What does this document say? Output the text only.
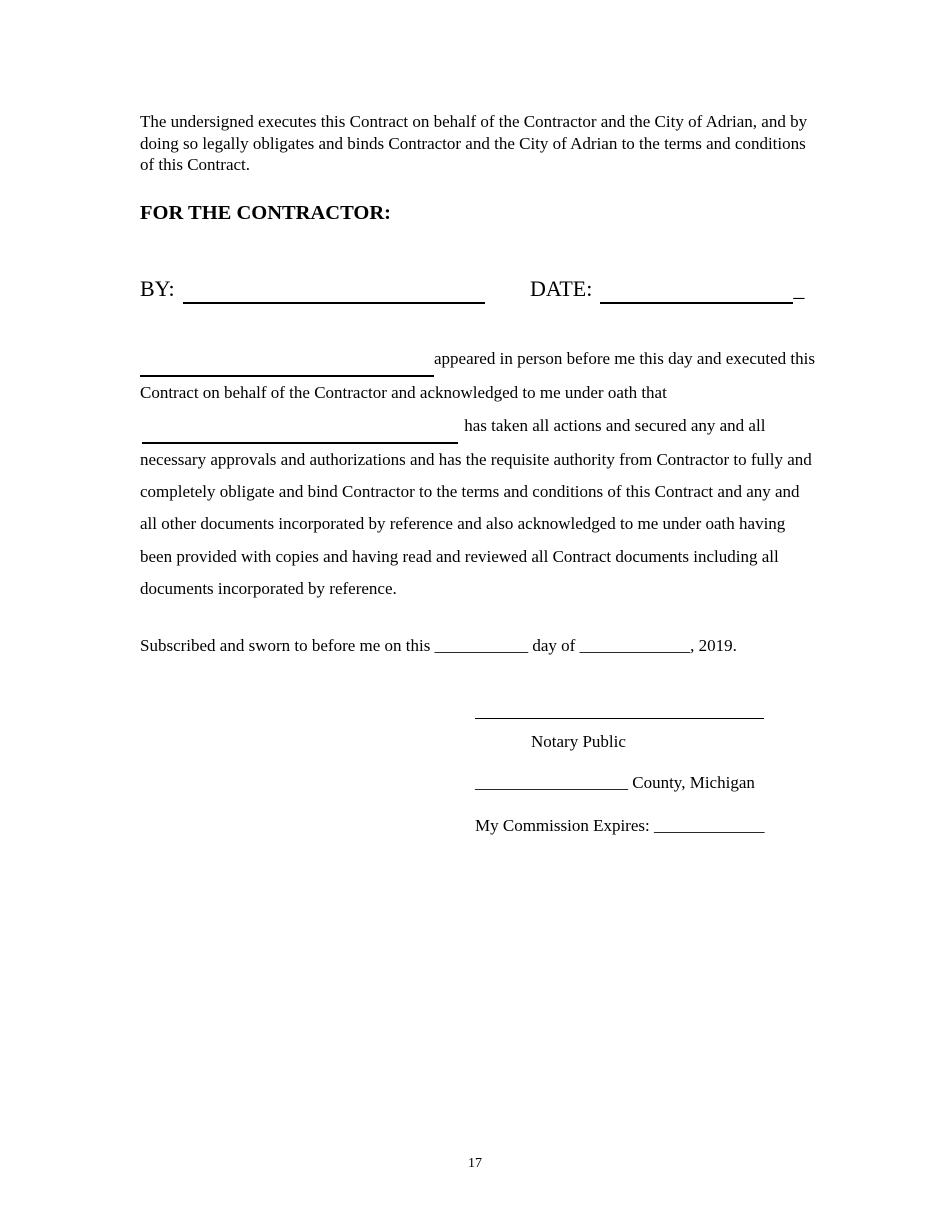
The undersigned executes this Contract on behalf of the Contractor and the City of Adrian, and by doing so legally obligates and binds Contractor and the City of Adrian to the terms and conditions of this Contract.
FOR THE CONTRACTOR:
BY:	DATE:	_
appeared in person before me this day and executed this Contract on behalf of the Contractor and acknowledged to me under oath that   has taken all actions and secured any and all necessary approvals and authorizations and has the requisite authority from Contractor to fully and completely obligate and bind Contractor to the terms and conditions of this Contract and any and all other documents incorporated by reference and also acknowledged to me under oath having been provided with copies and having read and reviewed all Contract documents including all documents incorporated by reference.
Subscribed and sworn to before me on this ___________ day of _____________, 2019.
Notary Public
__________________ County, Michigan
My Commission Expires: _____________
17
